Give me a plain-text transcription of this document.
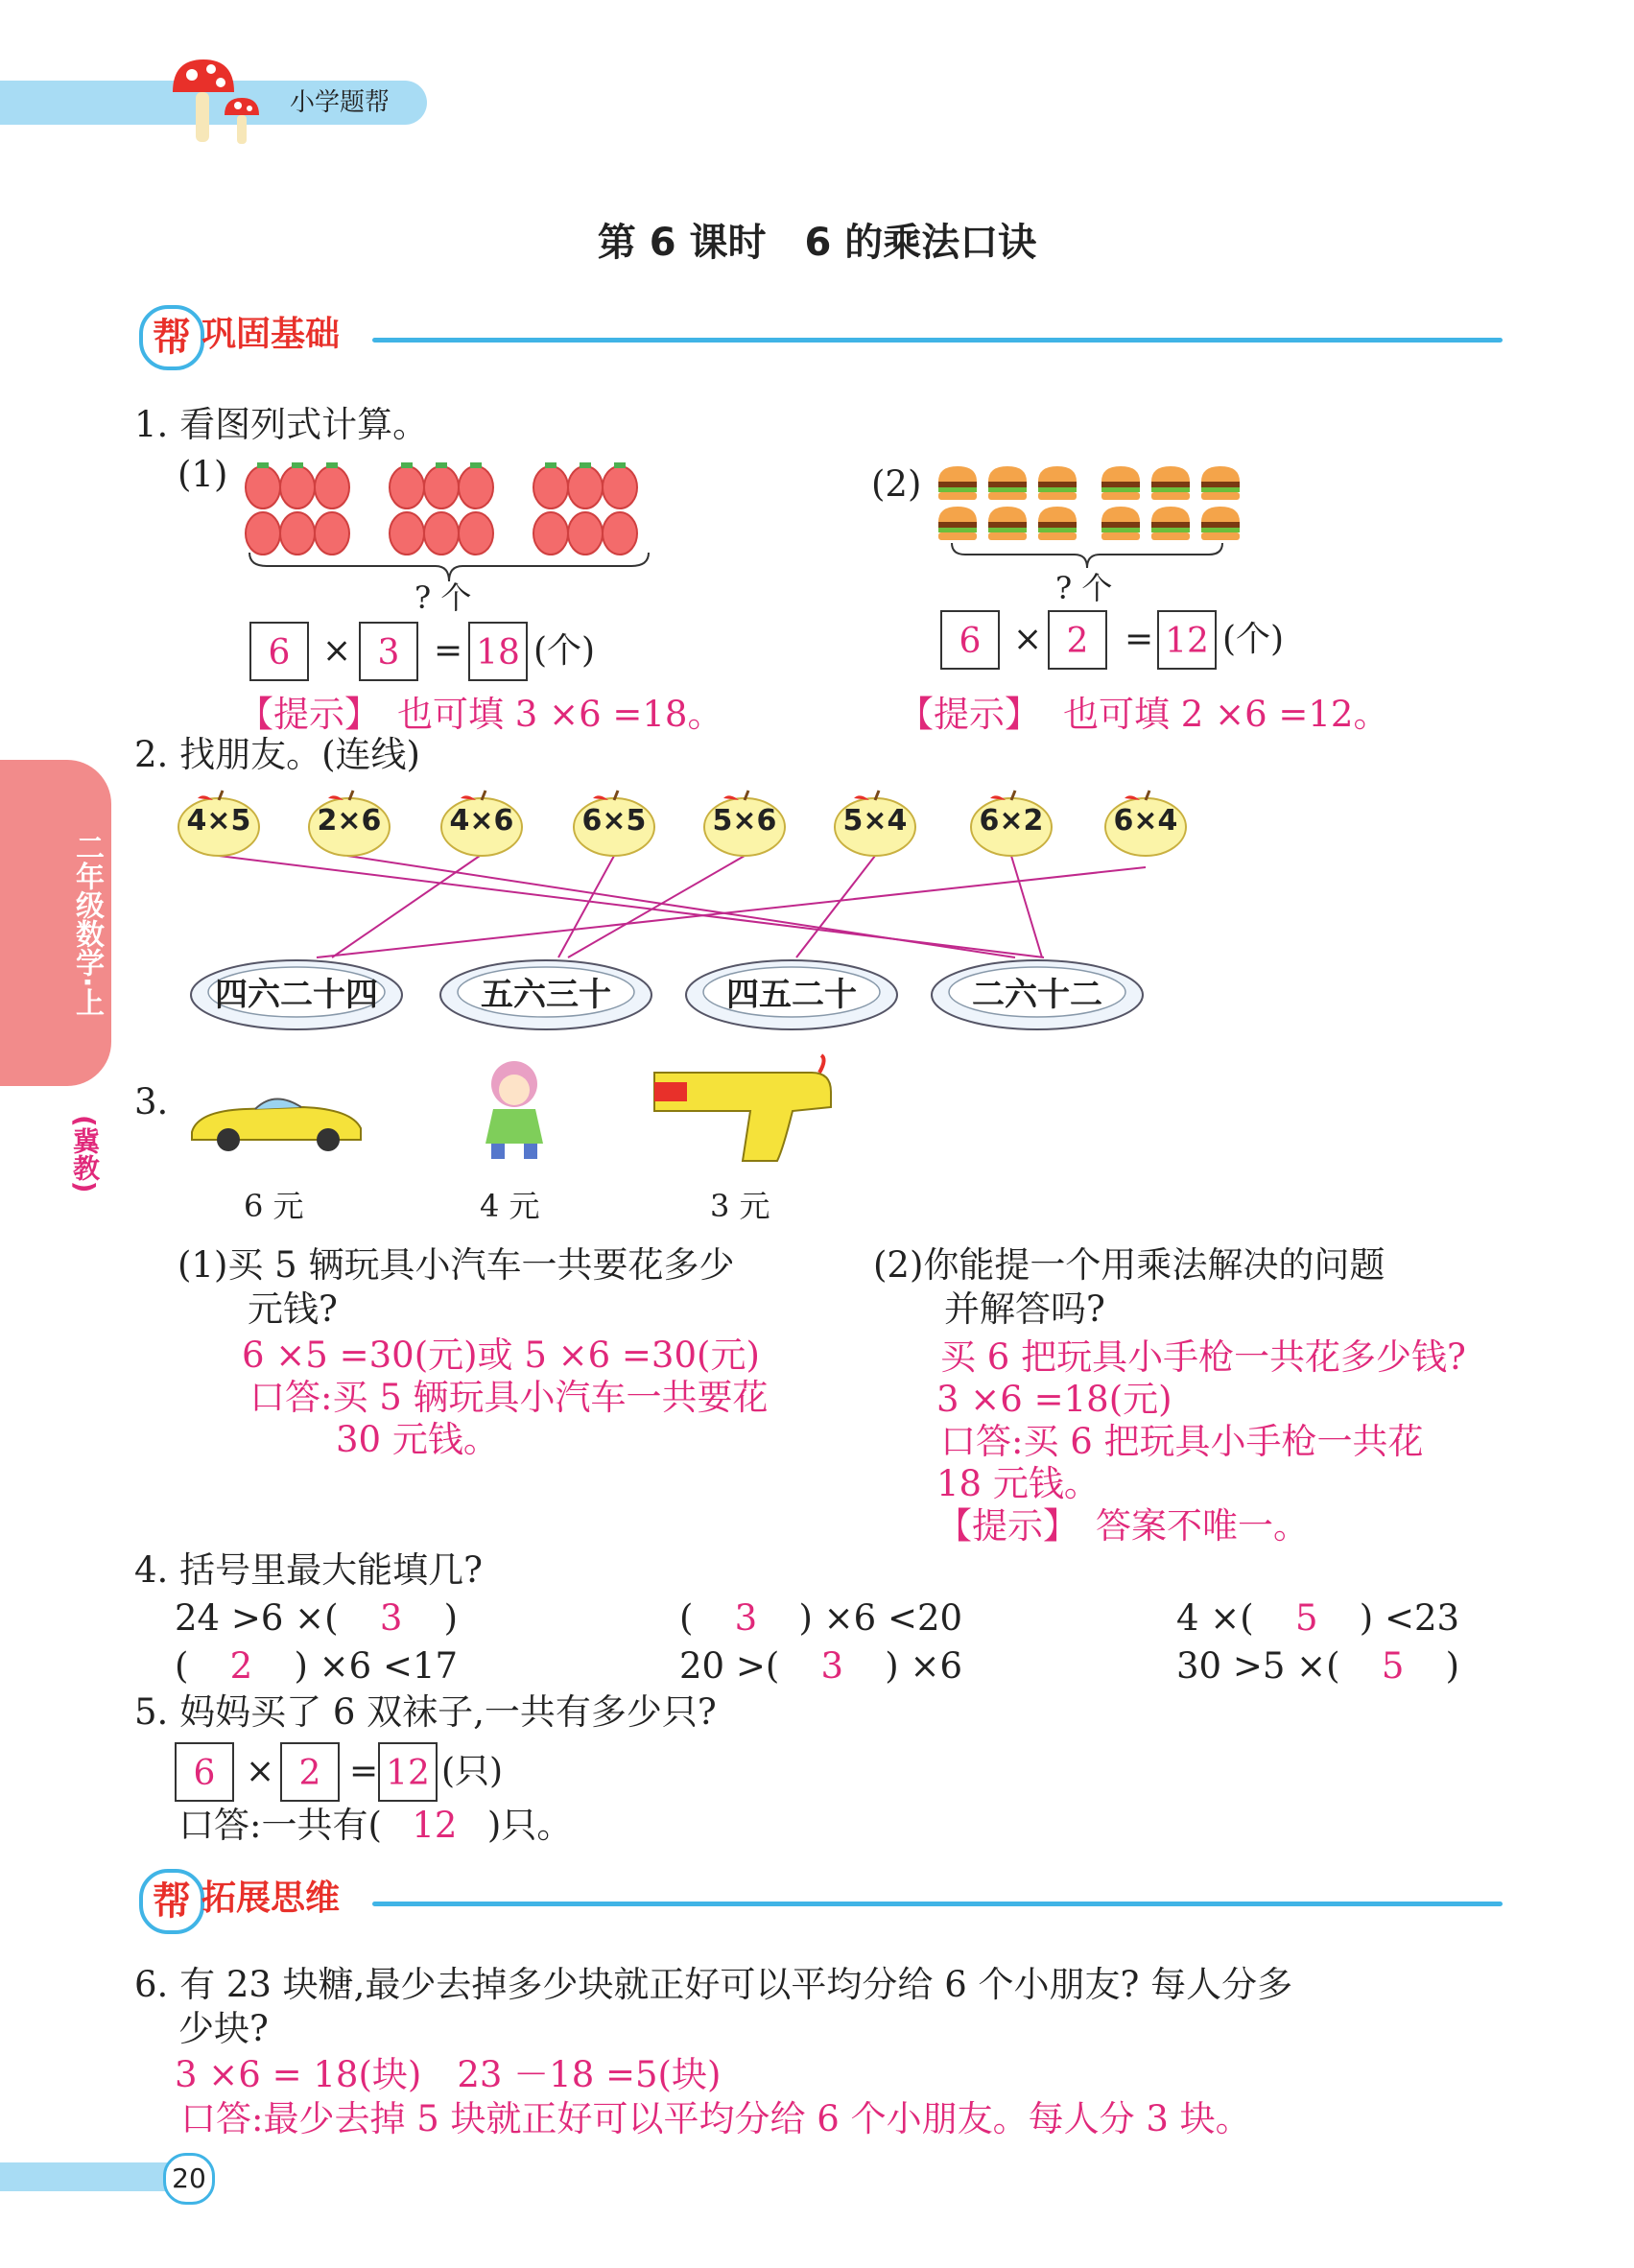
小学题帮
第 6 课时　6 的乘法口诀
帮 巩固基础
1. 看图列式计算。
(1)
? 个
6 × 3 = 18 (个)
【提示】 也可填 3 ×6 =18。
(2)
? 个
6 × 2	= 12 (个)
【提示】 也可填 2 ×6 =12。
二年级数学·上
(冀教)
2. 找朋友。(连线)
4×5	2×6	4×6	6×5	5×6	5×4	6×2	6×4
四六二十四	五六三十	四五二十	二六十二
3.
6 元	4 元	3 元
(1)买 5 辆玩具小汽车一共要花多少
元钱?
6 ×5 =30(元)或 5 ×6 =30(元)
口答:买 5 辆玩具小汽车一共要花
30 元钱。
(2)你能提一个用乘法解决的问题
并解答吗?
买 6 把玩具小手枪一共花多少钱?
3 ×6 =18(元)
口答:买 6 把玩具小手枪一共花
18 元钱。
【提示】 答案不唯一。
4. 括号里最大能填几?
24 >6 ×( 3 )	( 3 ) ×6 <20	4 ×( 5 ) <23
( 2 ) ×6 <17	20 >( 3 ) ×6	30 >5 ×( 5 )
5. 妈妈买了 6 双袜子,一共有多少只?
6 × 2 = 12 (只)
口答:一共有( 12 )只。
帮 拓展思维
6. 有 23 块糖,最少去掉多少块就正好可以平均分给 6 个小朋友? 每人分多
少块?
3 ×6 = 18(块)　23 －18 =5(块)
口答:最少去掉 5 块就正好可以平均分给 6 个小朋友。每人分 3 块。
20
